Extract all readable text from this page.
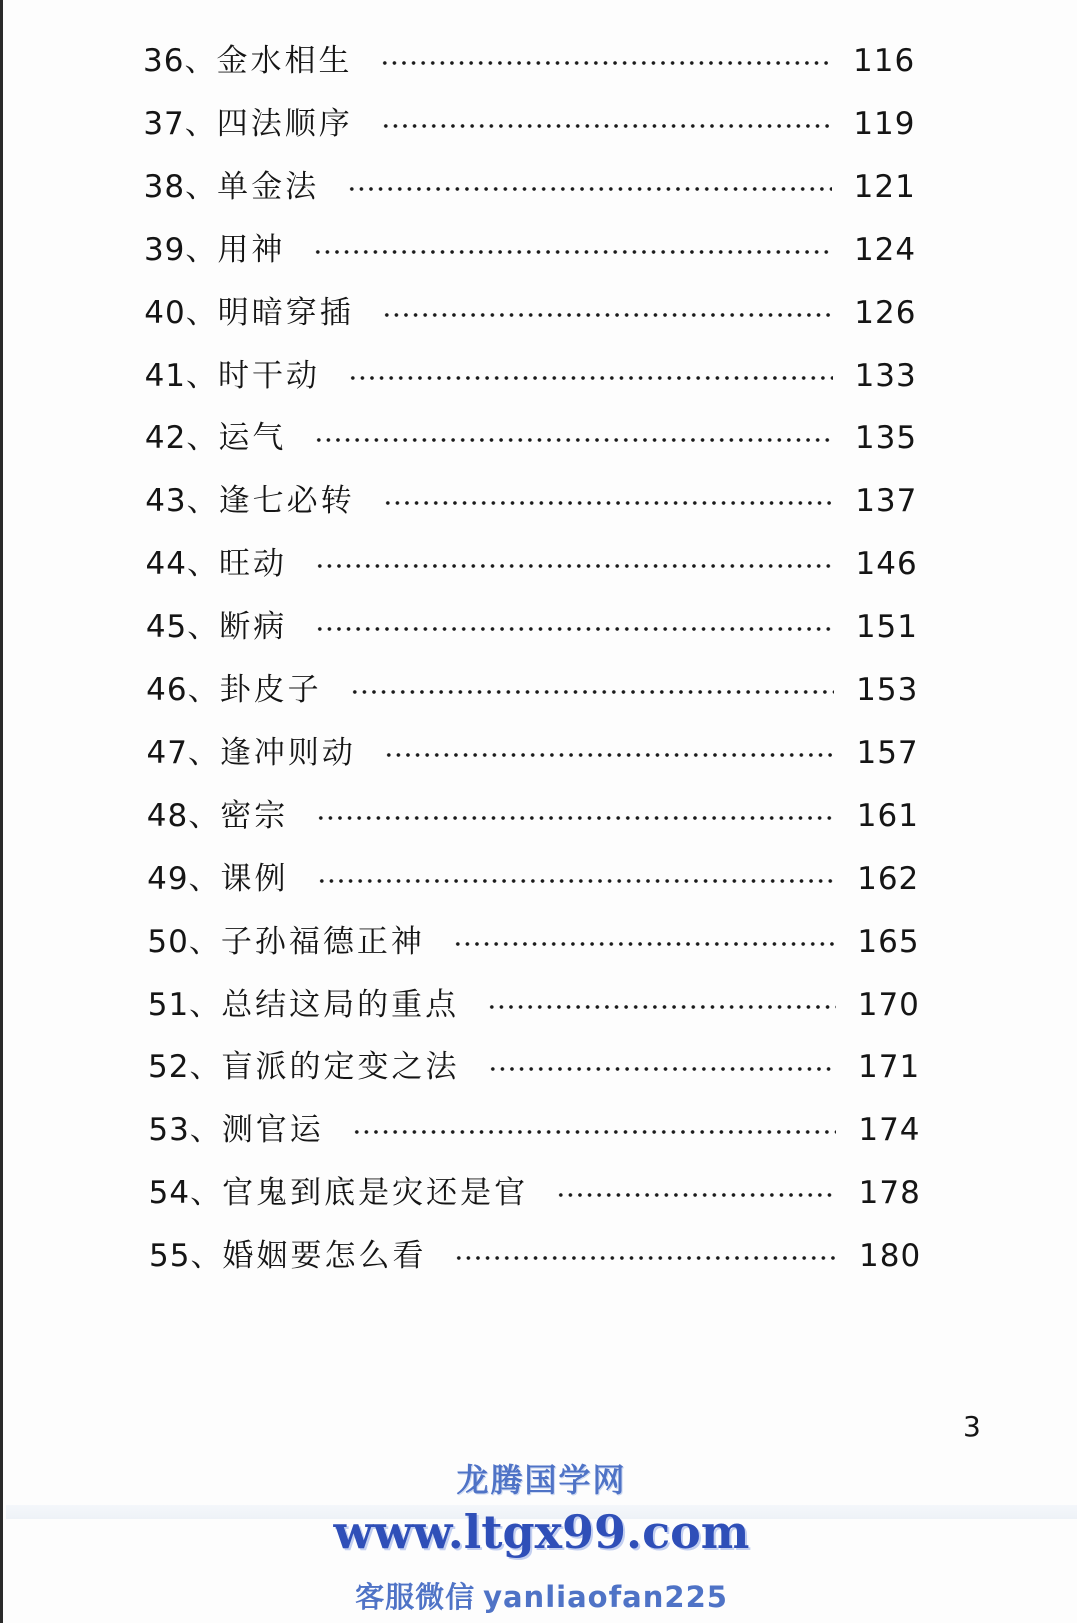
36、 金水相生	116
37、 四法顺序	119
38、 单金法	121
39、 用神	124
40、 明暗穿插	126
41、 时干动	133
42、 运气	135
43、 逢七必转	137
44、 旺动	146
45、 断病	151
46、 卦皮子	153
47、 逢冲则动	157
48、 密宗	161
49、 课例	162
50、 子孙福德正神	165
51、 总结这局的重点	170
52、 盲派的定变之法	171
53、 测官运	174
54、 官鬼到底是灾还是官	178
55、 婚姻要怎么看	180
3
龙腾国学网
www.ltgx99.com
客服微信 yanliaofan225
